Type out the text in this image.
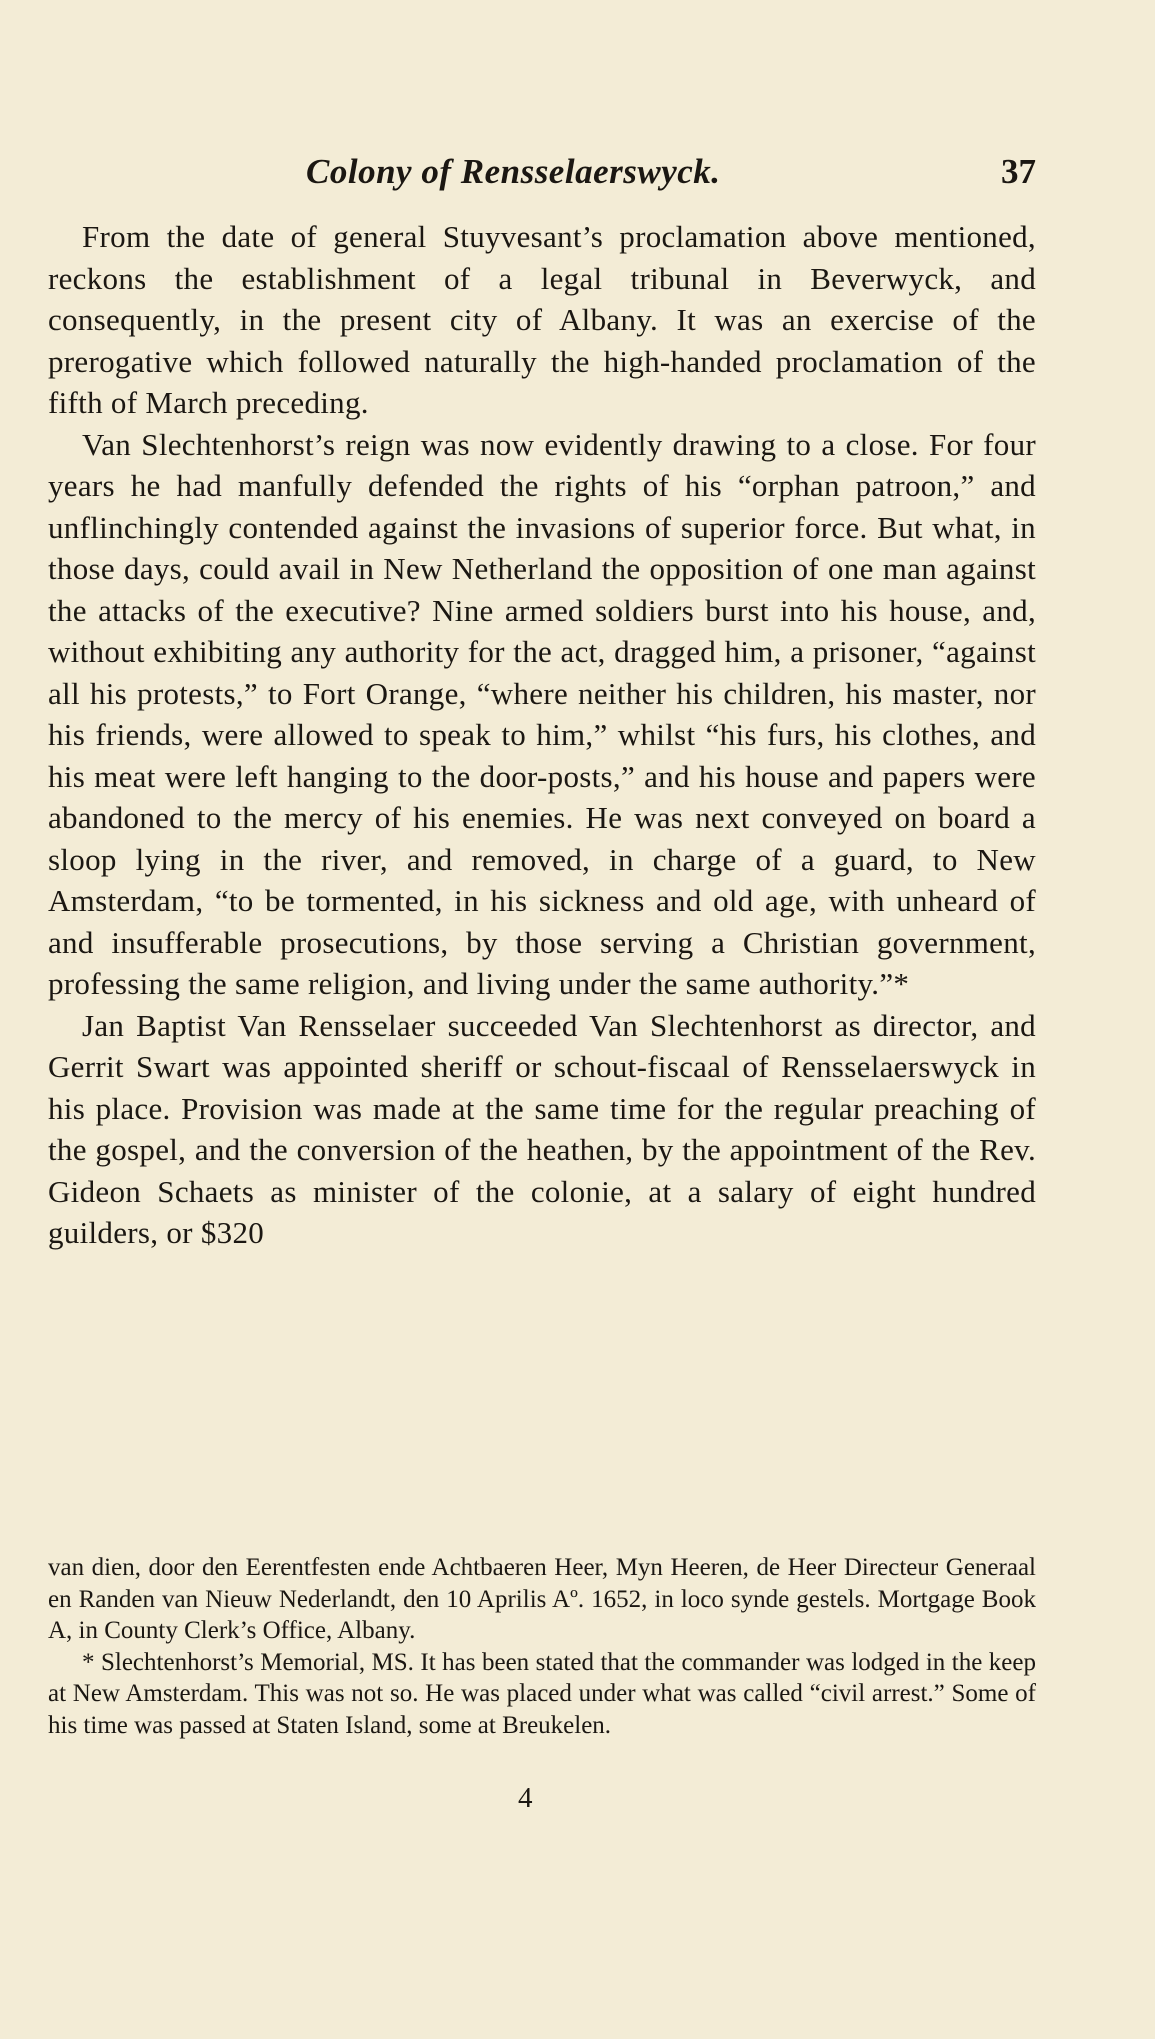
Colony of Rensselaerswyck.	37

From the date of general Stuyvesant’s proclamation above mentioned, reckons the establishment of a legal tribunal in Beverwyck, and consequently, in the present city of Albany. It was an exercise of the prerogative which followed naturally the high-handed proclamation of the fifth of March preceding.

Van Slechtenhorst’s reign was now evidently drawing to a close. For four years he had manfully defended the rights of his “orphan patroon,” and unflinchingly contended against the invasions of superior force. But what, in those days, could avail in New Netherland the opposition of one man against the attacks of the executive? Nine armed soldiers burst into his house, and, without exhibiting any authority for the act, dragged him, a prisoner, “against all his protests,” to Fort Orange, “where neither his children, his master, nor his friends, were allowed to speak to him,” whilst “his furs, his clothes, and his meat were left hanging to the door-posts,” and his house and papers were abandoned to the mercy of his enemies. He was next conveyed on board a sloop lying in the river, and removed, in charge of a guard, to New Amsterdam, “to be tormented, in his sickness and old age, with unheard of and insufferable prosecutions, by those serving a Christian government, professing the same religion, and living under the same authority.”*

Jan Baptist Van Rensselaer succeeded Van Slechtenhorst as director, and Gerrit Swart was appointed sheriff or schout-fiscaal of Rensselaerswyck in his place. Provision was made at the same time for the regular preaching of the gospel, and the conversion of the heathen, by the appointment of the Rev. Gideon Schaets as minister of the colonie, at a salary of eight hundred guilders, or $320

van dien, door den Eerentfesten ende Achtbaeren Heer, Myn Heeren, de Heer Directeur Generaal en Randen van Nieuw Nederlandt, den 10 Aprilis Aº. 1652, in loco synde gestels. Mortgage Book A, in County Clerk’s Office, Albany.

* Slechtenhorst’s Memorial, MS. It has been stated that the commander was lodged in the keep at New Amsterdam. This was not so. He was placed under what was called “civil arrest.” Some of his time was passed at Staten Island, some at Breukelen.

4
